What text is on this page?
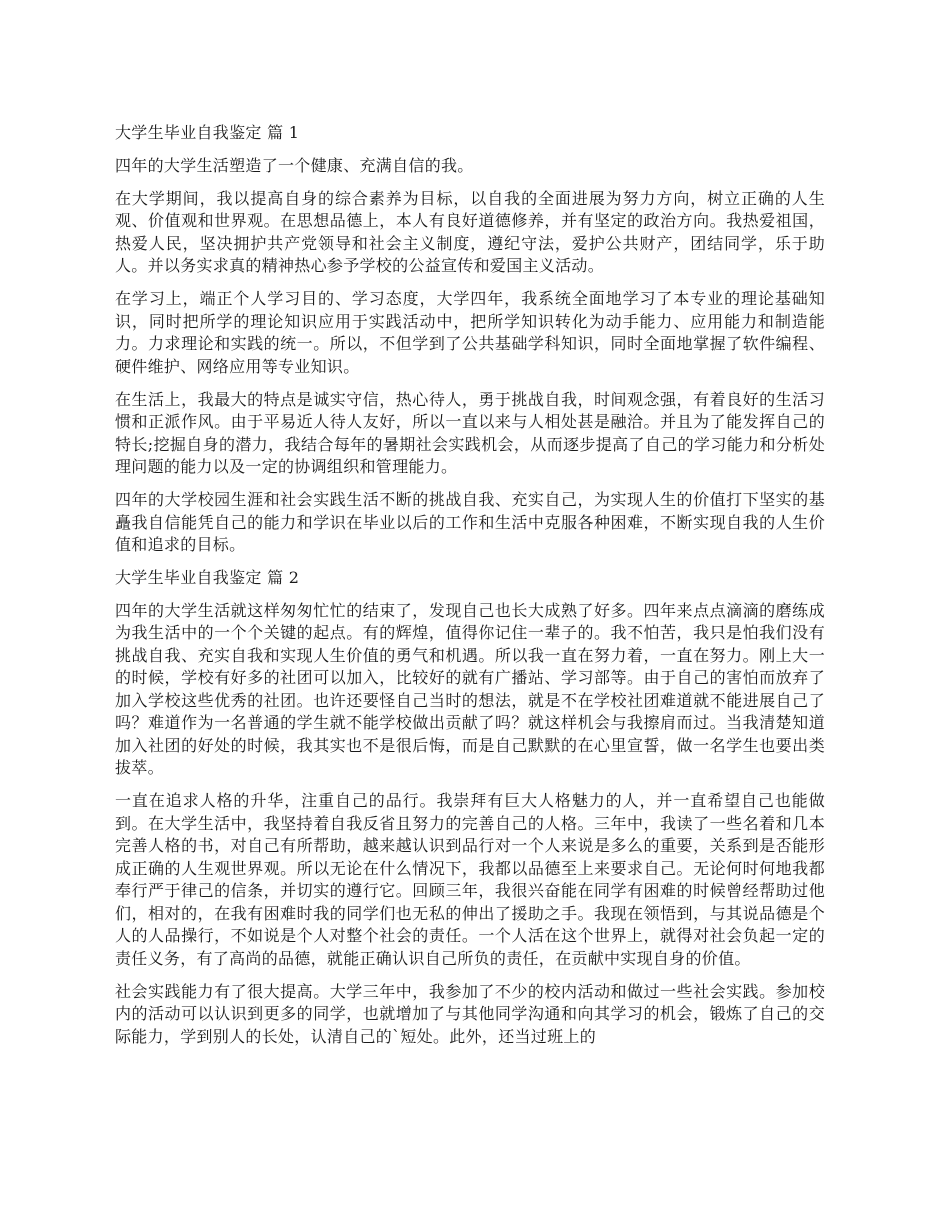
大学生毕业自我鉴定 篇 1

四年的大学生活塑造了一个健康、充满自信的我。

在大学期间，我以提高自身的综合素养为目标，以自我的全面进展为努力方向，树立正确的人生观、价值观和世界观。在思想品德上，本人有良好道德修养，并有坚定的政治方向。我热爱祖国，热爱人民，坚决拥护共产党领导和社会主义制度，遵纪守法，爱护公共财产，团结同学，乐于助人。并以务实求真的精神热心参予学校的公益宣传和爱国主义活动。

在学习上，端正个人学习目的、学习态度，大学四年，我系统全面地学习了本专业的理论基础知识，同时把所学的理论知识应用于实践活动中，把所学知识转化为动手能力、应用能力和制造能力。力求理论和实践的统一。所以，不但学到了公共基础学科知识，同时全面地掌握了软件编程、硬件维护、网络应用等专业知识。

在生活上，我最大的特点是诚实守信，热心待人，勇于挑战自我，时间观念强，有着良好的生活习惯和正派作风。由于平易近人待人友好，所以一直以来与人相处甚是融洽。并且为了能发挥自己的特长;挖掘自身的潜力，我结合每年的暑期社会实践机会，从而逐步提高了自己的学习能力和分析处理问题的能力以及一定的协调组织和管理能力。

四年的大学校园生涯和社会实践生活不断的挑战自我、充实自己，为实现人生的价值打下坚实的基矗我自信能凭自己的能力和学识在毕业以后的工作和生活中克服各种困难，不断实现自我的人生价值和追求的目标。

大学生毕业自我鉴定 篇 2

四年的大学生活就这样匆匆忙忙的结束了，发现自己也长大成熟了好多。四年来点点滴滴的磨练成为我生活中的一个个关键的起点。有的辉煌，值得你记住一辈子的。我不怕苦，我只是怕我们没有挑战自我、充实自我和实现人生价值的勇气和机遇。所以我一直在努力着，一直在努力。刚上大一的时候，学校有好多的社团可以加入，比较好的就有广播站、学习部等。由于自己的害怕而放弃了加入学校这些优秀的社团。也许还要怪自己当时的想法，就是不在学校社团难道就不能进展自己了吗？难道作为一名普通的学生就不能学校做出贡献了吗？就这样机会与我擦肩而过。当我清楚知道加入社团的好处的时候，我其实也不是很后悔，而是自己默默的在心里宣誓，做一名学生也要出类拔萃。

一直在追求人格的升华，注重自己的品行。我崇拜有巨大人格魅力的人，并一直希望自己也能做到。在大学生活中，我坚持着自我反省且努力的完善自己的人格。三年中，我读了一些名着和几本完善人格的书，对自己有所帮助，越来越认识到品行对一个人来说是多么的重要，关系到是否能形成正确的人生观世界观。所以无论在什么情况下，我都以品德至上来要求自己。无论何时何地我都奉行严于律己的信条，并切实的遵行它。回顾三年，我很兴奋能在同学有困难的时候曾经帮助过他们，相对的，在我有困难时我的同学们也无私的伸出了援助之手。我现在领悟到，与其说品德是个人的人品操行，不如说是个人对整个社会的责任。一个人活在这个世界上，就得对社会负起一定的责任义务，有了高尚的品德，就能正确认识自己所负的责任，在贡献中实现自身的价值。

社会实践能力有了很大提高。大学三年中，我参加了不少的校内活动和做过一些社会实践。参加校内的活动可以认识到更多的同学，也就增加了与其他同学沟通和向其学习的机会，锻炼了自己的交际能力，学到别人的长处，认清自己的`短处。此外，还当过班上的
